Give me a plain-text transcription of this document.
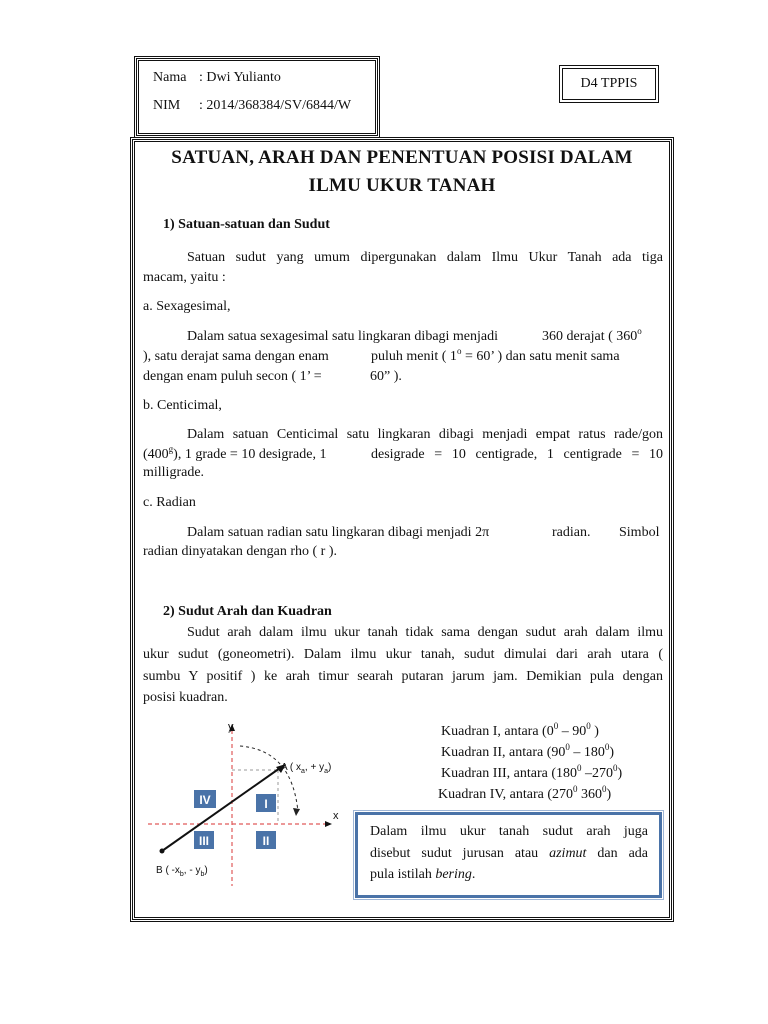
Nama : Dwi Yulianto
NIM : 2014/368384/SV/6844/W
D4 TPPIS
SATUAN, ARAH DAN PENENTUAN POSISI DALAM
ILMU UKUR TANAH
1) Satuan-satuan dan Sudut
Satuan sudut yang umum dipergunakan dalam Ilmu Ukur Tanah ada tiga
macam, yaitu :
a. Sexagesimal,
Dalam satua sexagesimal satu lingkaran dibagi menjadi	360 derajat ( 360$^o$
), satu derajat sama dengan enam	puluh menit ( $1^o = 60$’ ) dan satu menit sama
dengan enam puluh secon ( 1’ =	60” ).
b. Centicimal,
Dalam satuan Centicimal satu lingkaran dibagi menjadi empat ratus rade/gon
(400$^g$), 1 grade = 10 desigrade, 1	desigrade = 10 centigrade, 1 centigrade = 10
milligrade.
c. Radian
Dalam satuan radian satu lingkaran dibagi menjadi 2π	radian. Simbol
radian dinyatakan dengan rho ( r ).
2) Sudut Arah dan Kuadran
Sudut arah dalam ilmu ukur tanah tidak sama dengan sudut arah dalam ilmu
ukur sudut (goneometri). Dalam ilmu ukur tanah, sudut dimulai dari arah utara (
sumbu Y positif ) ke arah timur searah putaran jarum jam. Demikian pula dengan
posisi kuadran.
Kuadran I, antara ($0^0 - 90^0$ )
Kuadran II, antara $(90^0 - 180^0)$
Kuadran III, antara ($180^0$ $-270^0$)
Kuadran IV, antara ($270^0$ $360^0$)
IV	I
III	II
y
x
A ( $x_a$, + $y_a$)
B ( $-x_b$, - $y_b$)
Dalam ilmu ukur tanah sudut arah juga
disebut sudut jurusan atau azimut dan ada
pula istilah bering.
